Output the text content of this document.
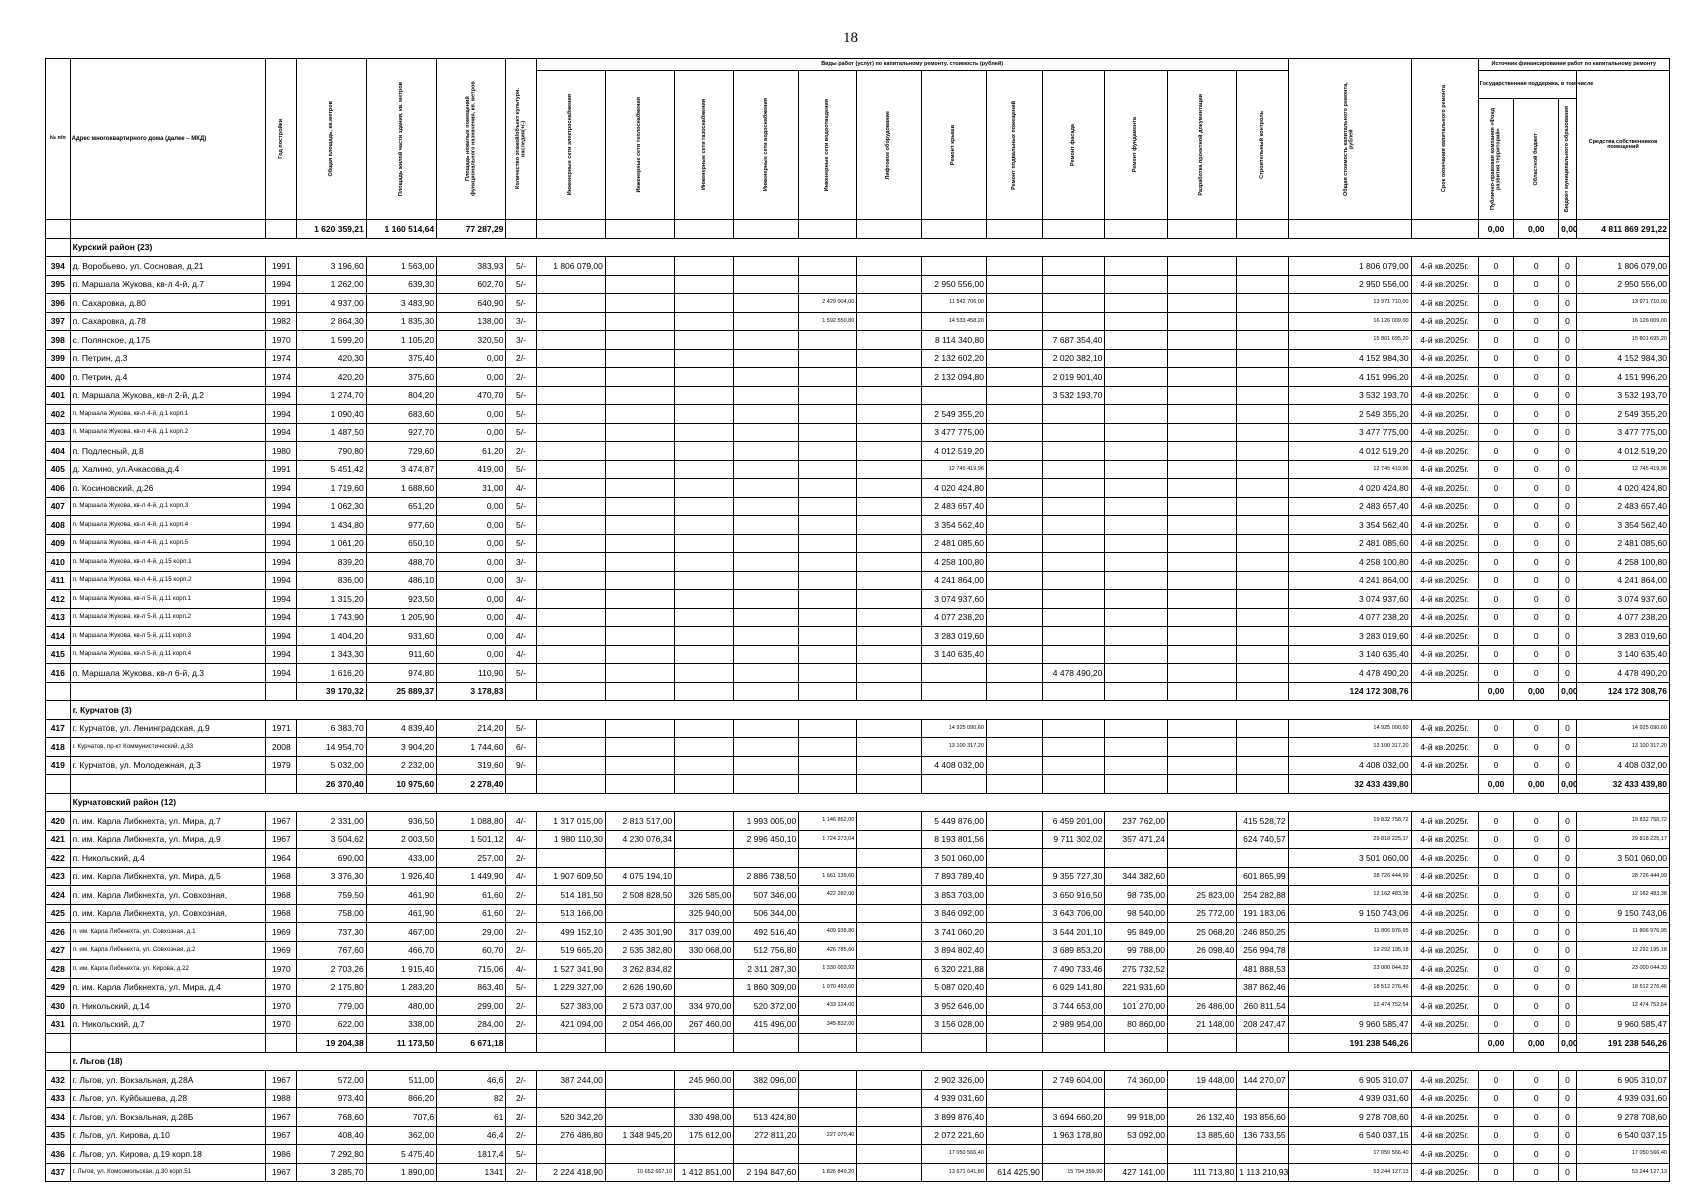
18
№ п/п	Адрес многоквартирного дома (далее – МКД)	Год постройки	Общая площадь, кв.метров	Площадь жилой части здания, кв. метров	Площадь нежилых помещений функционального назначения, кв. метров	Количество этажей/объект культурн. наследия(+/-)	Виды работ (услуг) по капитальному ремонту, стоимость (рублей)												Общая стоимость капитального ремонта, рублей	Срок окончания капитального ремонта	Источник финансирования работ по капитальному ремонту			

							Инженерные сети электроснабжения	Инженерные сети теплоснабжения	Инженерные сети газоснабжения	Инженерные сети водоснабжения	Инженерные сети водоотведения	Лифтовое оборудование	Ремонт крыши	Ремонт подвальных помещений	Ремонт фасада	Ремонт фундамента	Разработка проектной документации	Строительный контроль			Государственная поддержка, в том числе			Средства собственников помещений

																					Публично-правовая компания «Фонд развития территорий»	Областной бюджет	Бюджет муниципального образования	

			1 620 359,21	1 160 514,64	77 287,29																0,00	0,00	0,00	4 811 869 291,22
	Курский район (23)																							
394	д. Воробьево, ул. Сосновая, д.21	1991	3 196,60	1 563,00	383,93	5/-	1 806 079,00												1 806 079,00	4-й кв.2025г.	0	0	0	1 806 079,00
395	п. Маршала Жукова, кв-л 4-й, д.7	1994	1 262,00	639,30	602,70	5/-							2 950 556,00						2 950 556,00	4-й кв.2025г.	0	0	0	2 950 556,00
396	п. Сахаровка, д.80	1991	4 937,00	3 483,90	640,90	5/-					2 429 004,00		11 542 706,00						13 971 710,00	4-й кв.2025г.	0	0	0	13 971 710,00
397	п. Сахаровка, д.78	1982	2 864,30	1 835,30	138,00	3/-					1 592 550,80		14 533 458,20						16 126 009,00	4-й кв.2025г.	0	0	0	16 126 009,00
398	с. Полянское, д.175	1970	1 599,20	1 105,20	320,50	3/-							8 114 340,80		7 687 354,40				15 801 695,20	4-й кв.2025г.	0	0	0	15 801 695,20
399	п. Петрин, д.3	1974	420,30	375,40	0,00	2/-							2 132 602,20		2 020 382,10				4 152 984,30	4-й кв.2025г.	0	0	0	4 152 984,30
400	п. Петрин, д.4	1974	420,20	375,60	0,00	2/-							2 132 094,80		2 019 901,40				4 151 996,20	4-й кв.2025г.	0	0	0	4 151 996,20
401	п. Маршала Жукова, кв-л 2-й, д.2	1994	1 274,70	804,20	470,70	5/-									3 532 193,70				3 532 193,70	4-й кв.2025г.	0	0	0	3 532 193,70
402	п. Маршала Жукова, кв-л 4-й, д.1 корп.1	1994	1 090,40	683,60	0,00	5/-							2 549 355,20						2 549 355,20	4-й кв.2025г.	0	0	0	2 549 355,20
403	п. Маршала Жукова, кв-л 4-й, д.1 корп.2	1994	1 487,50	927,70	0,00	5/-							3 477 775,00						3 477 775,00	4-й кв.2025г.	0	0	0	3 477 775,00
404	п. Подлесный, д.8	1980	790,80	729,60	61,20	2/-							4 012 519,20						4 012 519,20	4-й кв.2025г.	0	0	0	4 012 519,20
405	д. Халино, ул.Ачкасова,д.4	1991	5 451,42	3 474,87	419,00	5/-							12 745 419,96						12 745 419,96	4-й кв.2025г.	0	0	0	12 745 419,96
406	п. Косиновский, д.26	1994	1 719,60	1 688,60	31,00	4/-							4 020 424,80						4 020 424,80	4-й кв.2025г.	0	0	0	4 020 424,80
407	п. Маршала Жукова, кв-л 4-й, д.1 корп.3	1994	1 062,30	651,20	0,00	5/-							2 483 657,40						2 483 657,40	4-й кв.2025г.	0	0	0	2 483 657,40
408	п. Маршала Жукова, кв-л 4-й, д.1 корп.4	1994	1 434,80	977,60	0,00	5/-							3 354 562,40						3 354 562,40	4-й кв.2025г.	0	0	0	3 354 562,40
409	п. Маршала Жукова, кв-л 4-й, д.1 корп.5	1994	1 061,20	650,10	0,00	5/-							2 481 085,60						2 481 085,60	4-й кв.2025г.	0	0	0	2 481 085,60
410	п. Маршала Жукова, кв-л 4-й, д.15 корп.1	1994	839,20	488,70	0,00	3/-							4 258 100,80						4 258 100,80	4-й кв.2025г.	0	0	0	4 258 100,80
411	п. Маршала Жукова, кв-л 4-й, д.15 корп.2	1994	836,00	486,10	0,00	3/-							4 241 864,00						4 241 864,00	4-й кв.2025г.	0	0	0	4 241 864,00
412	п. Маршала Жукова, кв-л 5-й, д.11 корп.1	1994	1 315,20	923,50	0,00	4/-							3 074 937,60						3 074 937,60	4-й кв.2025г.	0	0	0	3 074 937,60
413	п. Маршала Жукова, кв-л 5-й, д.11 корп.2	1994	1 743,90	1 205,90	0,00	4/-							4 077 238,20						4 077 238,20	4-й кв.2025г.	0	0	0	4 077 238,20
414	п. Маршала Жукова, кв-л 5-й, д.11 корп.3	1994	1 404,20	931,60	0,00	4/-							3 283 019,60						3 283 019,60	4-й кв.2025г.	0	0	0	3 283 019,60
415	п. Маршала Жукова, кв-л 5-й, д.11 корп.4	1994	1 343,30	911,60	0,00	4/-							3 140 635,40						3 140 635,40	4-й кв.2025г.	0	0	0	3 140 635,40
416	п. Маршала Жукова, кв-л 6-й, д.3	1994	1 616,20	974,80	110,90	5/-									4 478 490,20				4 478 490,20	4-й кв.2025г.	0	0	0	4 478 490,20
			39 170,32	25 889,37	3 178,83														124 172 308,76		0,00	0,00	0,00	124 172 308,76
	г. Курчатов (3)																							
417	г. Курчатов, ул. Ленинградская, д.9	1971	6 383,70	4 839,40	214,20	5/-							14 925 090,60						14 925 090,60	4-й кв.2025г.	0	0	0	14 925 090,60
418	г. Курчатов, пр-кт Коммунистический, д.33	2008	14 954,70	3 904,20	1 744,60	6/-							13 100 317,20						13 100 317,20	4-й кв.2025г.	0	0	0	13 100 317,20
419	г. Курчатов, ул. Молодежная, д.3	1979	5 032,00	2 232,00	319,60	9/-							4 408 032,00						4 408 032,00	4-й кв.2025г.	0	0	0	4 408 032,00
			26 370,40	10 975,60	2 278,40														32 433 439,80		0,00	0,00	0,00	32 433 439,80
	Курчатовский район (12)																							
420	п. им. Карла Либкнехта, ул. Мира, д.7	1967	2 331,00	936,50	1 088,80	4/-	1 317 015,00	2 813 517,00		1 993 005,00	1 146 852,00		5 449 876,00		6 459 201,00	237 762,00		415 528,72	19 832 758,72	4-й кв.2025г.	0	0	0	19 832 758,72
421	п. им. Карла Либкнехта, ул. Мира, д.9	1967	3 504,62	2 003,50	1 501,12	4/-	1 980 110,30	4 230 076,34		2 996 450,10	1 724 273,04		8 193 801,56		9 711 302,02	357 471,24		624 740,57	29 818 225,17	4-й кв.2025г.	0	0	0	29 818 225,17
422	п. Никольский, д.4	1964	690,00	433,00	257,00	2/-							3 501 060,00						3 501 060,00	4-й кв.2025г.	0	0	0	3 501 060,00
423	п. им. Карла Либкнехта, ул. Мира, д.5	1968	3 376,30	1 926,40	1 449,90	4/-	1 907 609,50	4 075 194,10		2 886 738,50	1 661 139,60		7 893 789,40		9 355 727,30	344 382,60		601 865,99	28 726 444,99	4-й кв.2025г.	0	0	0	28 726 444,99
424	п. им. Карла Либкнехта, ул. Совхозная,	1968	759,50	461,90	61,60	2/-	514 181,50	2 508 828,50	326 585,00	507 346,00	422 282,00		3 853 703,00		3 650 916,50	98 735,00	25 823,00	254 282,88	12 162 483,38	4-й кв.2025г.	0	0	0	12 162 483,38
425	п. им. Карла Либкнехта, ул. Совхозная,	1968	758,00	461,90	61,60	2/-	513 166,00		325 940,00	506 344,00			3 846 092,00		3 643 706,00	98 540,00	25 772,00	191 183,06	9 150 743,06	4-й кв.2025г.	0	0	0	9 150 743,06
426	п. им. Карла Либкнехта, ул. Совхозная, д.1	1969	737,30	467,00	29,00	2/-	499 152,10	2 435 301,90	317 039,00	492 516,40	409 938,80		3 741 060,20		3 544 201,10	95 849,00	25 068,20	246 850,25	11 806 976,95	4-й кв.2025г.	0	0	0	11 806 976,95
427	п. им. Карла Либкнехта, ул. Совхозная, д.2	1969	767,60	466,70	60,70	2/-	519 665,20	2 535 382,80	330 068,00	512 756,80	426 785,60		3 894 802,40		3 689 853,20	99 788,00	26 098,40	256 994,78	12 292 195,18	4-й кв.2025г.	0	0	0	12 292 195,18
428	п. им. Карла Либкнехта, ул. Кирова, д.22	1970	2 703,26	1 915,40	715,06	4/-	1 527 341,90	3 262 834,82		2 311 287,30	1 330 003,92		6 320 221,88		7 490 733,46	275 732,52		481 888,53	23 000 044,33	4-й кв.2025г.	0	0	0	23 000 044,33
429	п. им. Карла Либкнехта, ул. Мира, д.4	1970	2 175,80	1 283,20	863,40	5/-	1 229 327,00	2 626 190,60		1 860 309,00	1 070 493,60		5 087 020,40		6 029 141,80	221 931,60		387 862,46	18 512 276,46	4-й кв.2025г.	0	0	0	18 512 276,46
430	п. Никольский, д.14	1970	779,00	480,00	299,00	2/-	527 383,00	2 573 037,00	334 970,00	520 372,00	433 124,00		3 952 646,00		3 744 653,00	101 270,00	26 486,00	260 811,54	12 474 752,54	4-й кв.2025г.	0	0	0	12 474 752,54
431	п. Никольский, д.7	1970	622,00	338,00	284,00	2/-	421 094,00	2 054 466,00	267 460,00	415 496,00	345 832,00		3 156 028,00		2 989 954,00	80 860,00	21 148,00	208 247,47	9 960 585,47	4-й кв.2025г.	0	0	0	9 960 585,47
			19 204,38	11 173,50	6 671,18														191 238 546,26		0,00	0,00	0,00	191 238 546,26
	г. Льгов (18)																							
432	г. Льгов, ул. Вокзальная, д.28А	1967	572,00	511,00	46,6	2/-	387 244,00		245 960,00	382 096,00			2 902 326,00		2 749 604,00	74 360,00	19 448,00	144 270,07	6 905 310,07	4-й кв.2025г.	0	0	0	6 905 310,07
433	г. Льгов, ул. Куйбышева, д.28	1988	973,40	866,20	82	2/-							4 939 031,60						4 939 031,60	4-й кв.2025г.	0	0	0	4 939 031,60
434	г. Льгов, ул. Вокзальная, д.28Б	1967	768,60	707,6	61	2/-	520 342,20		330 498,00	513 424,80			3 899 876,40		3 694 660,20	99 918,00	26 132,40	193 856,60	9 278 708,60	4-й кв.2025г.	0	0	0	9 278 708,60
435	г. Льгов, ул. Кирова, д.10	1967	408,40	362,00	46,4	2/-	276 486,80	1 348 945,20	175 612,00	272 811,20	227 070,40		2 072 221,60		1 963 178,80	53 092,00	13 885,60	136 733,55	6 540 037,15	4-й кв.2025г.	0	0	0	6 540 037,15
436	г. Льгов, ул. Кирова, д.19 корп.18	1986	7 292,80	5 475,40	1817,4	5/-							17 050 566,40						17 050 566,40	4-й кв.2025г.	0	0	0	17 050 566,40
437	г. Льгов, ул. Комсомольская, д.30 корп.51	1967	3 285,70	1 890,00	1341	2/-	2 224 418,90	10 652 667,10	1 412 851,00	2 194 847,60	1 826 849,20		13 671 641,80	614 425,90	15 794 359,90	427 141,00	111 713,80	1 113 210,93	53 244 127,13	4-й кв.2025г.	0	0	0	53 244 127,13
